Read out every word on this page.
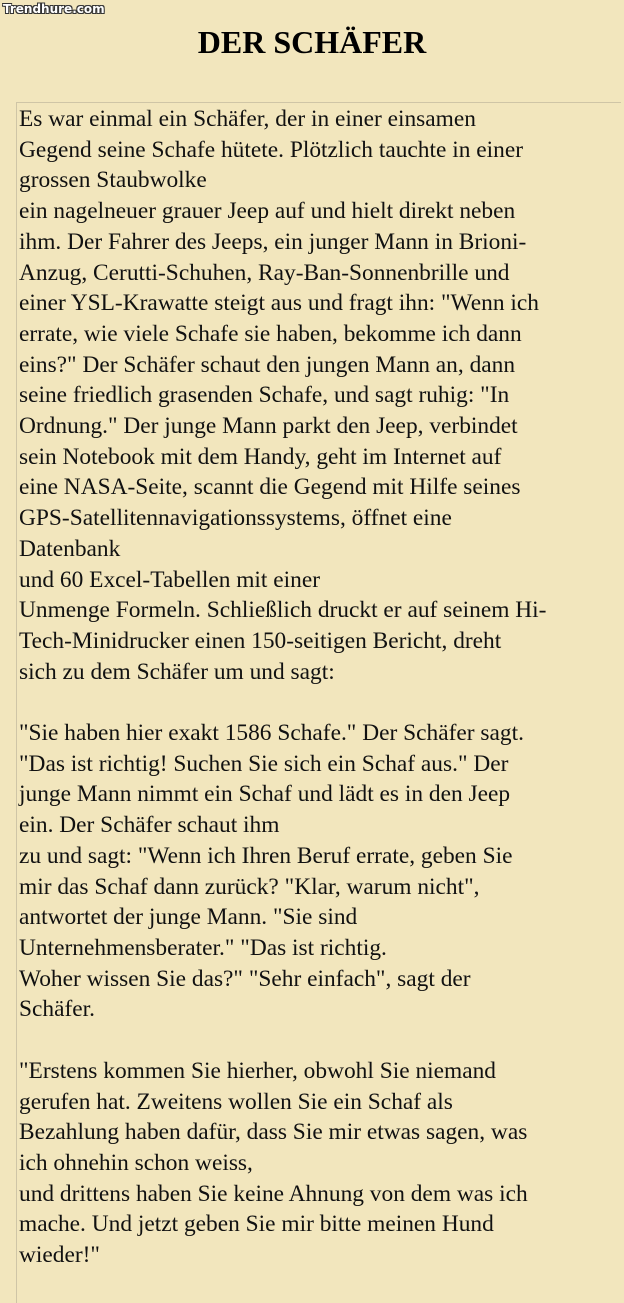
Trendhure.com
DER SCHÄFER
Es war einmal ein Schäfer, der in einer einsamen
Gegend seine Schafe hütete. Plötzlich tauchte in einer
grossen Staubwolke
ein nagelneuer grauer Jeep auf und hielt direkt neben
ihm. Der Fahrer des Jeeps, ein junger Mann in Brioni-
Anzug, Cerutti-Schuhen, Ray-Ban-Sonnenbrille und
einer YSL-Krawatte steigt aus und fragt ihn: "Wenn ich
errate, wie viele Schafe sie haben, bekomme ich dann
eins?" Der Schäfer schaut den jungen Mann an, dann
seine friedlich grasenden Schafe, und sagt ruhig: "In
Ordnung." Der junge Mann parkt den Jeep, verbindet
sein Notebook mit dem Handy, geht im Internet auf
eine NASA-Seite, scannt die Gegend mit Hilfe seines
GPS-Satellitennavigationssystems, öffnet eine
Datenbank
und 60 Excel-Tabellen mit einer
Unmenge Formeln. Schließlich druckt er auf seinem Hi-
Tech-Minidrucker einen 150-seitigen Bericht, dreht
sich zu dem Schäfer um und sagt:

"Sie haben hier exakt 1586 Schafe." Der Schäfer sagt.
"Das ist richtig! Suchen Sie sich ein Schaf aus." Der
junge Mann nimmt ein Schaf und lädt es in den Jeep
ein. Der Schäfer schaut ihm
zu und sagt: "Wenn ich Ihren Beruf errate, geben Sie
mir das Schaf dann zurück? "Klar, warum nicht",
antwortet der junge Mann. "Sie sind
Unternehmensberater." "Das ist richtig.
Woher wissen Sie das?" "Sehr einfach", sagt der
Schäfer.

"Erstens kommen Sie hierher, obwohl Sie niemand
gerufen hat. Zweitens wollen Sie ein Schaf als
Bezahlung haben dafür, dass Sie mir etwas sagen, was
ich ohnehin schon weiss,
und drittens haben Sie keine Ahnung von dem was ich
mache. Und jetzt geben Sie mir bitte meinen Hund
wieder!"
